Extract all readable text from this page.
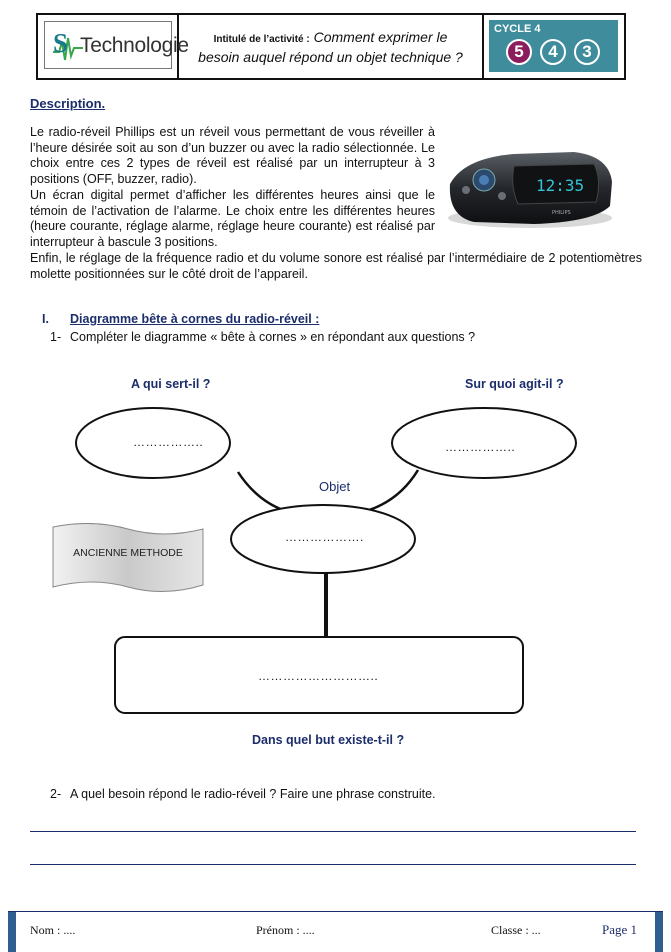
S Technologie Intitulé de l’activité : Comment exprimer le
besoin auquel répond un objet technique ?
CYCLE 4
5	4	3
Description.

Le radio-réveil Phillips est un réveil vous permettant de vous réveiller à l’heure désirée soit au son d’un buzzer ou avec la radio sélectionnée. Le choix entre ces 2 types de réveil est réalisé par un interrupteur à 3 positions (OFF, buzzer, radio).

Un écran digital permet d’afficher les différentes heures ainsi que le témoin de l’activation de l’alarme. Le choix entre les différentes heures (heure courante, réglage alarme, réglage heure courante) est réalisé par interrupteur à bascule 3 positions.

Enfin, le réglage de la fréquence radio et du volume sonore est réalisé par l’intermédiaire de 2 potentiomètres molette positionnées sur le côté droit de l’appareil.

12:35
PHILIPS
I. Diagramme bête à cornes du radio-réveil :
1- Compléter le diagramme « bête à cornes » en répondant aux questions ?
A qui sert-il ?	Sur quoi agit-il ?
……………..	……………..
Objet
……………….
………………………..
ANCIENNE METHODE
Dans quel but existe-t-il ?
2- A quel besoin répond le radio-réveil ? Faire une phrase construite.
Nom : ....	Prénom : ....	Classe : ...	Page 1
